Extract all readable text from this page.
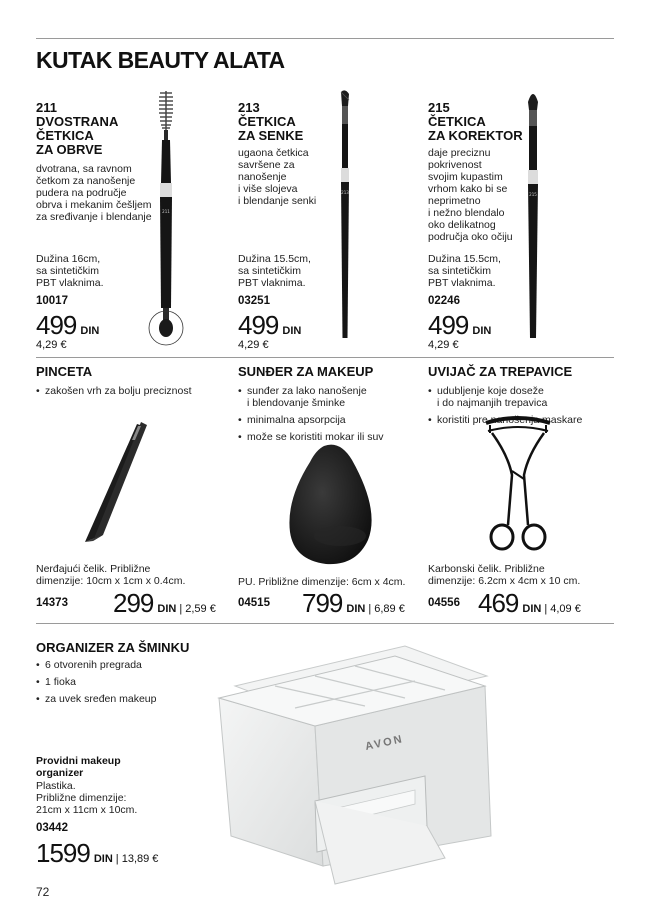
KUTAK BEAUTY ALATA
211
DVOSTRANA
ČETKICA
ZA OBRVE
dvotrana, sa ravnom
četkom za nanošenje
pudera na područje
obrva i mekanim češljem
za sređivanje i blendanje
Dužina 16cm,
sa sintetičkim
PBT vlaknima.
10017
499 DIN
4,29 €
211
213
ČETKICA
ZA SENKE
ugaona četkica
savršene za
nanošenje
i više slojeva
i blendanje senki
Dužina 15.5cm,
sa sintetičkim
PBT vlaknima.
03251
499 DIN
4,29 €
213
215
ČETKICA
ZA KOREKTOR
daje preciznu
pokrivenost
svojim kupastim
vrhom kako bi se
neprimetno
i nežno blendalo
oko delikatnog
područja oko očiju
Dužina 15.5cm,
sa sintetičkim
PBT vlaknima.
02246
499 DIN
4,29 €
215
PINCETA
• zakošen vrh za bolju preciznost
Nerđajući čelik. Približne
dimenzije: 10cm x 1cm x 0.4cm.
14373 299 DIN | 2,59 €
SUNĐER ZA MAKEUP
• sunđer za lako nanošenje
i blendovanje šminke
• minimalna apsorpcija
• može se koristiti mokar ili suv
PU. Približne dimenzije: 6cm x 4cm.
04515 799 DIN | 6,89 €
UVIJAČ ZA TREPAVICE
• udubljenje koje doseže
i do najmanjih trepavica
• koristiti pre nanošenja maskare
Karbonski čelik. Približne
dimenzije: 6.2cm x 4cm x 10 cm.
04556 469 DIN | 4,09 €
ORGANIZER ZA ŠMINKU
• 6 otvorenih pregrada
• 1 fioka
• za uvek sređen makeup
Providni makeup
organizer
Plastika.
Približne dimenzije:
21cm x 11cm x 10cm.
03442
1599 DIN | 13,89 €
AVON
72
